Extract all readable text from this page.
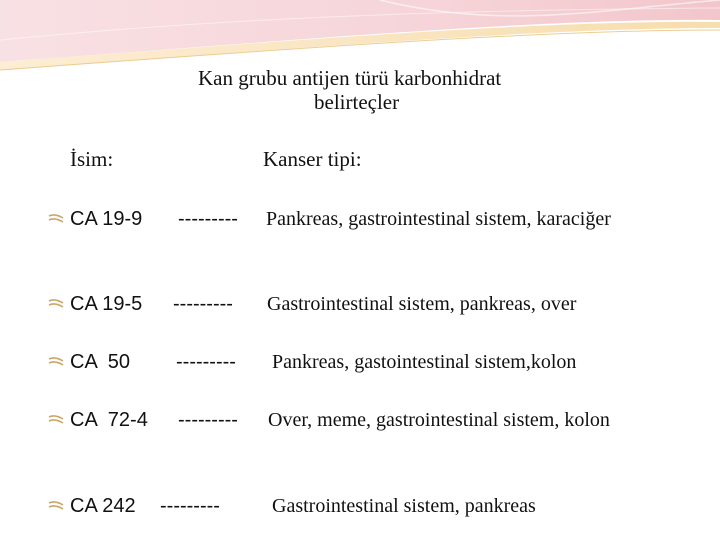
Kan grubu antijen türü karbonhidrat
belirteçler
İsim:	Kanser tipi:
CA 19-9 --------- Pankreas, gastrointestinal sistem, karaciğer
CA 19-5 --------- Gastrointestinal sistem, pankreas, over
CA  50 --------- Pankreas, gastointestinal sistem,kolon
CA  72-4 --------- Over, meme, gastrointestinal sistem, kolon
CA 242 ---------	Gastrointestinal sistem, pankreas
